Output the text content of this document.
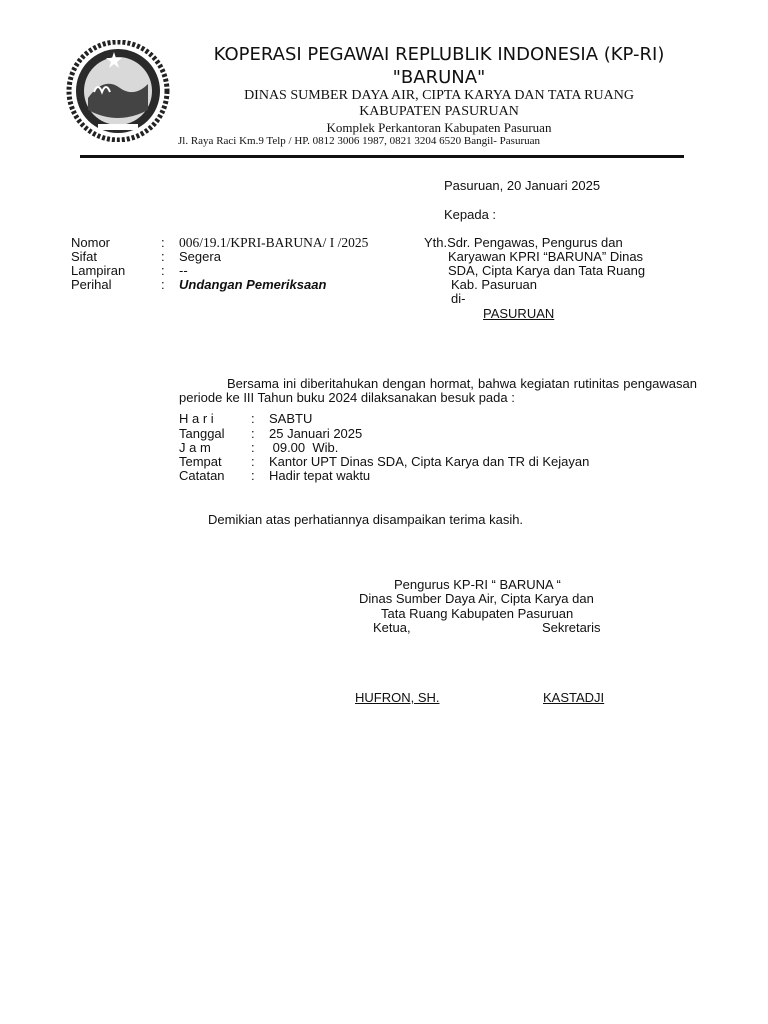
KOPERASI PEGAWAI REPLUBLIK INDONESIA (KP-RI)
"BARUNA"
DINAS SUMBER DAYA AIR, CIPTA KARYA DAN TATA RUANG
KABUPATEN PASURUAN
Komplek Perkantoran Kabupaten Pasuruan
Jl. Raya Raci Km.9 Telp / HP. 0812 3006 1987, 0821 3204 6520 Bangil- Pasuruan
Pasuruan, 20 Januari 2025
Kepada :
Nomor	: 006/19.1/KPRI-BARUNA/ I /2025
Sifat	: Segera
Lampiran	: --
Perihal	: Undangan Pemeriksaan
Yth.Sdr. Pengawas, Pengurus dan
Karyawan KPRI “BARUNA” Dinas
SDA, Cipta Karya dan Tata Ruang
Kab. Pasuruan
di-
PASURUAN
Bersama ini diberitahukan dengan hormat, bahwa kegiatan rutinitas pengawasan periode ke III Tahun buku 2024 dilaksanakan besuk pada :
H a r i	: SABTU
Tanggal : 25 Januari 2025
J a m	: 09.00  Wib.
Tempat : Kantor UPT Dinas SDA, Cipta Karya dan TR di Kejayan
Catatan : Hadir tepat waktu
Demikian atas perhatiannya disampaikan terima kasih.
Pengurus KP-RI “ BARUNA “
Dinas Sumber Daya Air, Cipta Karya dan
Tata Ruang Kabupaten Pasuruan
Ketua,	Sekretaris
HUFRON, SH.	KASTADJI
